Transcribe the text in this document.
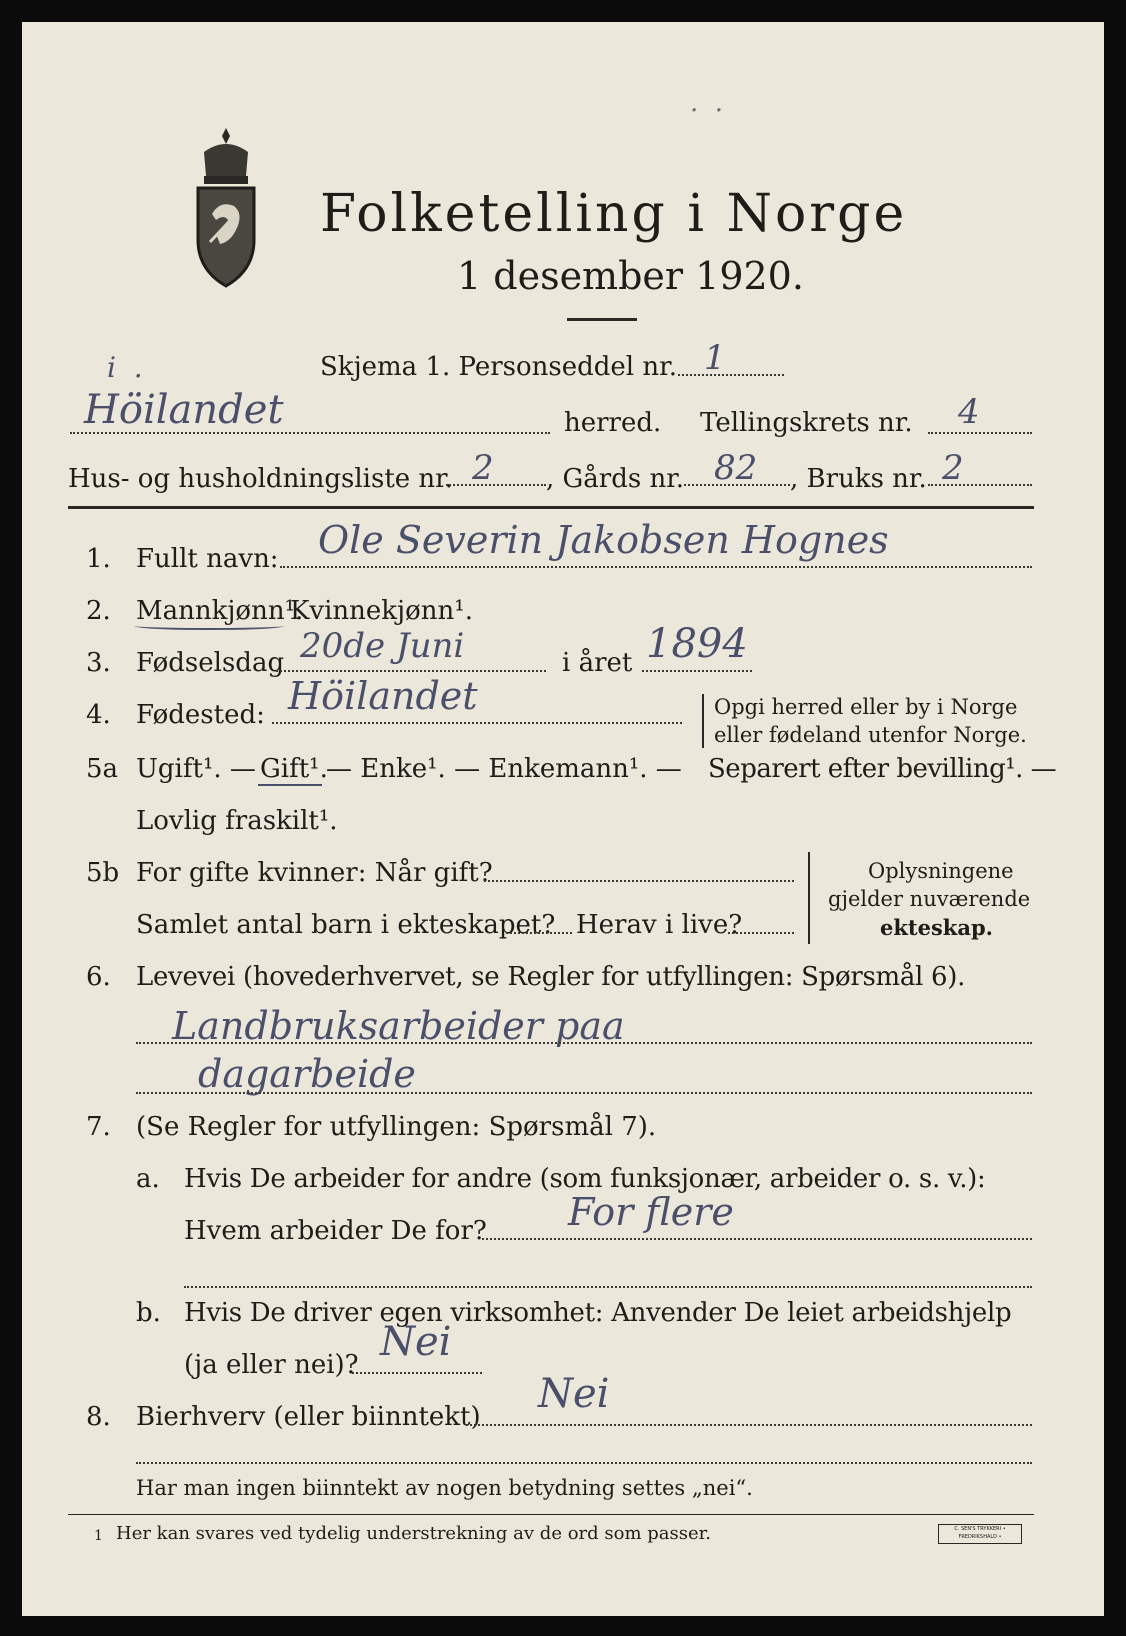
Folketelling i Norge
1 desember 1920.
.  .
i  .	Skjema 1. Personseddel nr. 1
Höilandet	herred. Tellingskrets nr. 4
Hus- og husholdningsliste nr. 2 , Gårds nr. 82 , Bruks nr. 2
1. Fullt navn: Ole Severin Jakobsen Hognes
2. Mannkjønn¹.
Kvinnekjønn¹.
3. Fødselsdag 20de Juni	i året 1894
4. Fødested: Höilandet	Opgi herred eller by i Norge
eller fødeland utenfor Norge.
5a Ugift¹. — Gift¹.
— Enke¹. — Enkemann¹. — Separert efter bevilling¹. —
Lovlig fraskilt¹.
5b For gifte kvinner: Når gift?
Samlet antal barn i ekteskapet? Herav i live?
Oplysningene
gjelder nuværende
ekteskap.
6. Levevei (hovederhvervet, se Regler for utfyllingen: Spørsmål 6).
Landbruksarbeider paa
dagarbeide
7. (Se Regler for utfyllingen: Spørsmål 7).
a. Hvis De arbeider for andre (som funksjonær, arbeider o. s. v.):
Hvem arbeider De for? For flere
b. Hvis De driver egen virksomhet: Anvender De leiet arbeidshjelp
(ja eller nei)? Nei
8. Bierhverv (eller biinntekt) Nei
Har man ingen biinntekt av nogen betydning settes „nei“.
1 Her kan svares ved tydelig understrekning av de ord som passer.	C. SEN'S TRYKKERI • FREDRIKSHALD •
